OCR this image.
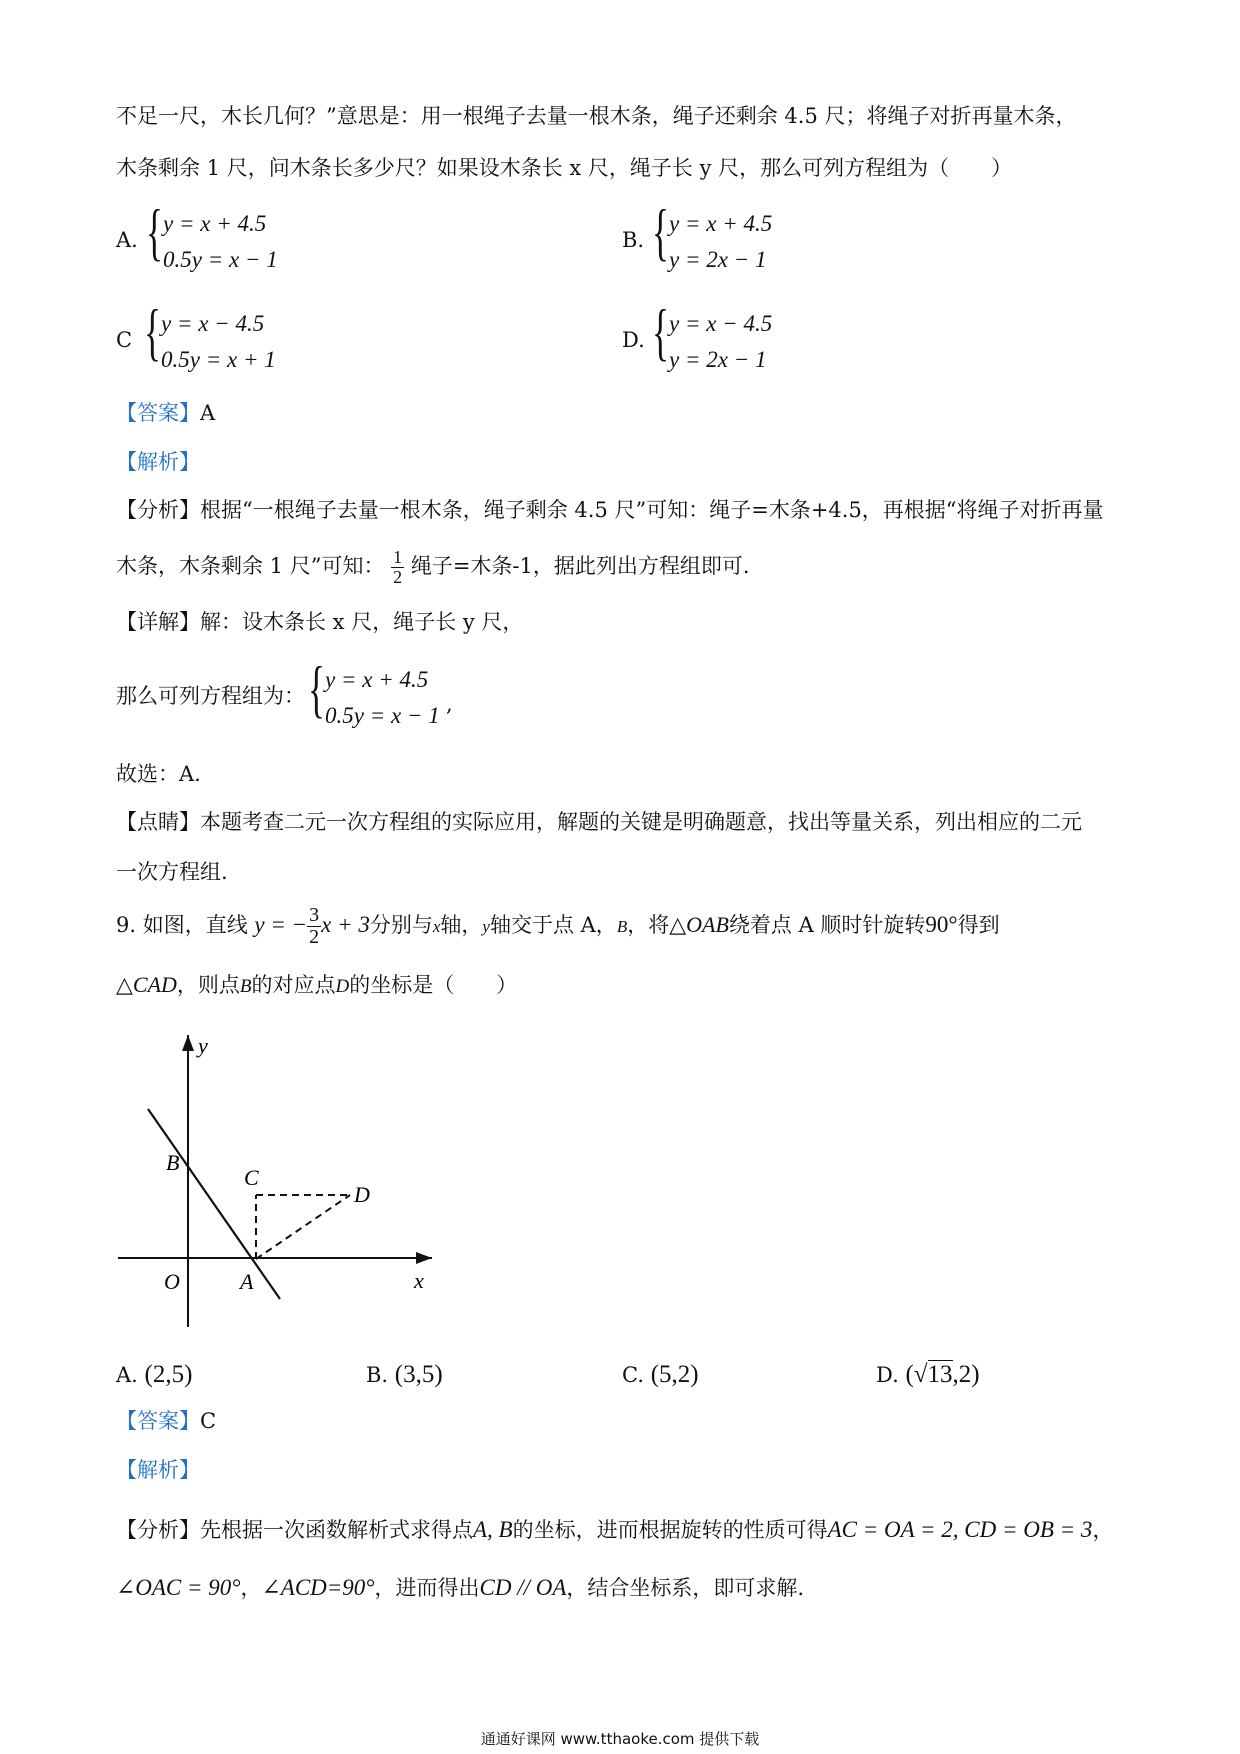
不足一尺，木长几何？”意思是：用一根绳子去量一根木条，绳子还剩余 4.5 尺；将绳子对折再量木条，
木条剩余 1 尺，问木条长多少尺？如果设木条长 x 尺，绳子长 y 尺，那么可列方程组为（　　）
A. { y = x + 4.5
0.5y = x − 1
B. { y = x + 4.5
y = 2x − 1
C { y = x − 4.5
0.5y = x + 1
D. { y = x − 4.5
y = 2x − 1
【答案】A
【解析】
【分析】根据“一根绳子去量一根木条，绳子剩余 4.5 尺”可知：绳子=木条+4.5，再根据“将绳子对折再量
木条，木条剩余 1 尺”可知： $\frac{1}{2}$ 绳子=木条-1，据此列出方程组即可.
【详解】解：设木条长 x 尺，绳子长 y 尺，
那么可列方程组为： { y = x + 4.5
0.5y = x − 1 ,
故选：A.
【点睛】本题考查二元一次方程组的实际应用，解题的关键是明确题意，找出等量关系，列出相应的二元
一次方程组.
9. 如图，直线 y = − $\frac{3}{2}$ x + 3分别与x轴，y轴交于点 A，B，将△OAB绕着点 A 顺时针旋转90°得到
△CAD，则点B的对应点D的坐标是（　　）
y
x
O	A
B
C
D
A. (2,5)	B. (3,5)	C. (5,2)	D. (√13,2)
【答案】C
【解析】
【分析】先根据一次函数解析式求得点A, B的坐标，进而根据旋转的性质可得AC = OA = 2, CD = OB = 3，
∠OAC = 90°，∠ACD=90°，进而得出CD // OA，结合坐标系，即可求解.
通通好课网 www.tthaoke.com 提供下载
